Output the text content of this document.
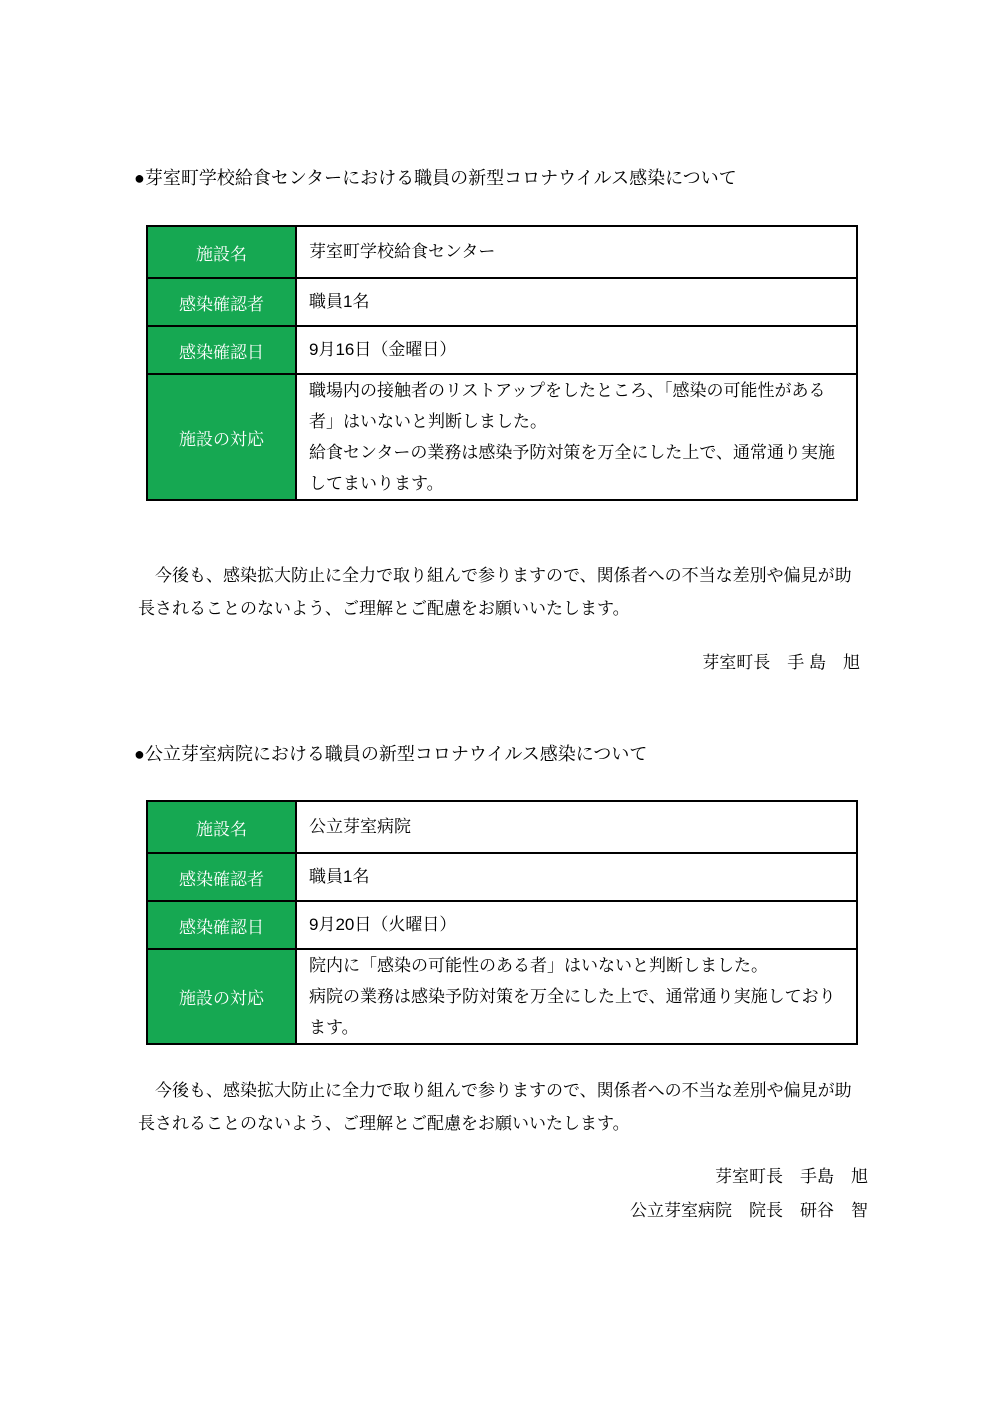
●芽室町学校給食センターにおける職員の新型コロナウイルス感染について
施設名	芽室町学校給食センター
感染確認者	職員1名
感染確認日	9月16日（金曜日）
施設の対応	職場内の接触者のリストアップをしたところ、「感染の可能性がある
者」はいないと判断しました。
給食センターの業務は感染予防対策を万全にした上で、通常通り実施
してまいります。

今後も、感染拡大防止に全力で取り組んで参りますので、関係者への不当な差別や偏見が助
長されることのないよう、ご理解とご配慮をお願いいたします。

芽室町長　手 島　旭

●公立芽室病院における職員の新型コロナウイルス感染について
施設名	公立芽室病院
感染確認者	職員1名
感染確認日	9月20日（火曜日）
施設の対応	院内に「感染の可能性のある者」はいないと判断しました。
病院の業務は感染予防対策を万全にした上で、通常通り実施しており
ます。

今後も、感染拡大防止に全力で取り組んで参りますので、関係者への不当な差別や偏見が助
長されることのないよう、ご理解とご配慮をお願いいたします。

芽室町長　手島　旭
公立芽室病院　院長　研谷　智
